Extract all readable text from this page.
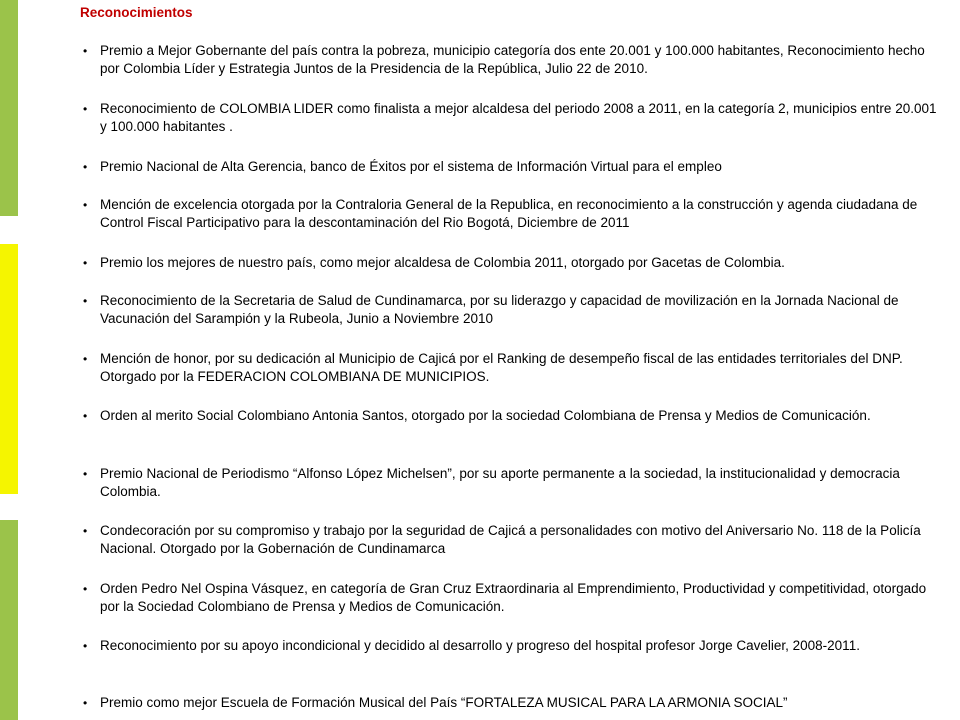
Reconocimientos
• Premio a Mejor Gobernante del país contra la pobreza, municipio categoría dos ente 20.001 y 100.000 habitantes, Reconocimiento hecho por Colombia Líder y Estrategia Juntos de la Presidencia de la República, Julio 22 de 2010.
• Reconocimiento de COLOMBIA LIDER como finalista a mejor alcaldesa del periodo 2008 a 2011, en la categoría 2, municipios entre 20.001 y 100.000 habitantes .
• Premio Nacional de Alta Gerencia, banco de Éxitos por el sistema de Información Virtual para el empleo
• Mención de excelencia otorgada por la Contraloria General de la Republica, en reconocimiento a la construcción y agenda ciudadana de Control Fiscal Participativo para la descontaminación del Rio Bogotá, Diciembre de 2011
• Premio los mejores de nuestro país, como mejor alcaldesa de Colombia 2011, otorgado por Gacetas de Colombia.
• Reconocimiento de la Secretaria de Salud de Cundinamarca, por su liderazgo y capacidad de movilización en la Jornada Nacional de Vacunación del Sarampión y la Rubeola, Junio a Noviembre 2010
• Mención de honor, por su dedicación al Municipio de Cajicá por el Ranking de desempeño fiscal de las entidades territoriales del DNP. Otorgado por la FEDERACION COLOMBIANA DE MUNICIPIOS.
• Orden al merito Social Colombiano Antonia Santos, otorgado por la sociedad Colombiana de Prensa y Medios de Comunicación.
• Premio Nacional de Periodismo “Alfonso López Michelsen”, por su aporte permanente a la sociedad, la institucionalidad y democracia Colombia.
• Condecoración por su compromiso y trabajo por la seguridad de Cajicá a personalidades con motivo del Aniversario No. 118 de la Policía Nacional. Otorgado por la Gobernación de Cundinamarca
• Orden Pedro Nel Ospina Vásquez, en categoría de Gran Cruz Extraordinaria al Emprendimiento, Productividad y competitividad, otorgado por la Sociedad Colombiano de Prensa y Medios de Comunicación.
• Reconocimiento por su apoyo incondicional y decidido al desarrollo y progreso del hospital profesor Jorge Cavelier, 2008-2011.
• Premio como mejor Escuela de Formación Musical del País “FORTALEZA MUSICAL PARA LA ARMONIA SOCIAL”
